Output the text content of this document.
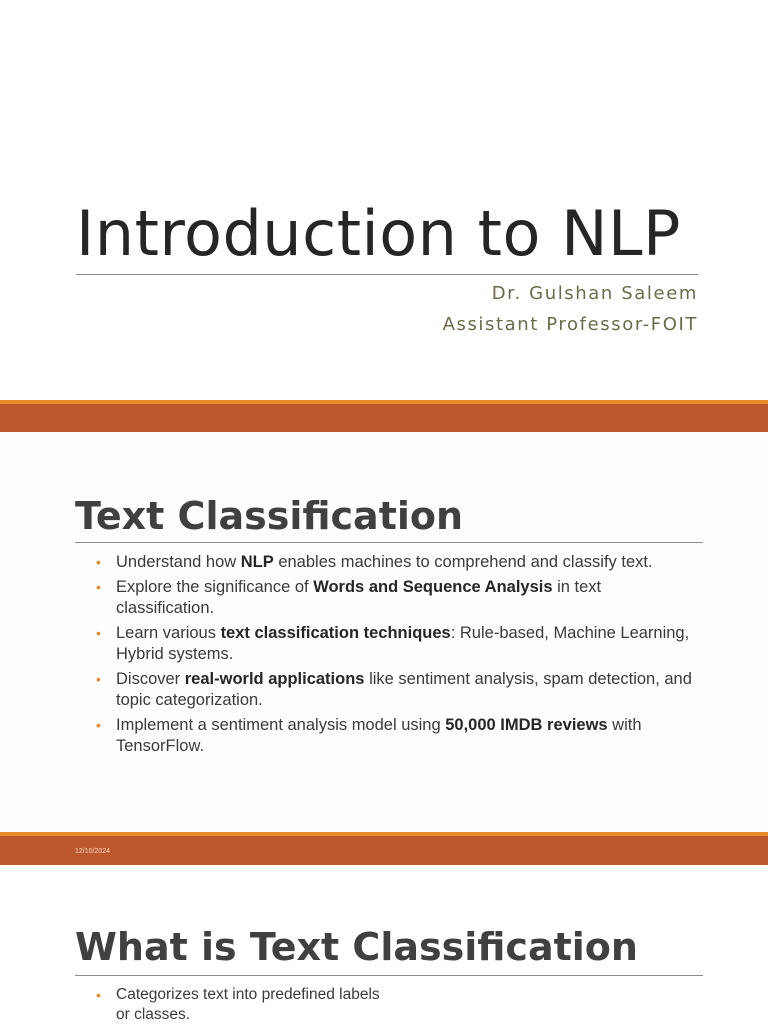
Introduction to NLP
Dr. Gulshan Saleem
Assistant Professor-FOIT
Text Classification
• Understand how NLP enables machines to comprehend and classify text.
• Explore the significance of Words and Sequence Analysis in text classification.
• Learn various text classification techniques: Rule-based, Machine Learning, Hybrid systems.
• Discover real-world applications like sentiment analysis, spam detection, and topic categorization.
• Implement a sentiment analysis model using 50,000 IMDB reviews with TensorFlow.
12/10/2024
What is Text Classification
• Categorizes text into predefined labels or classes.
